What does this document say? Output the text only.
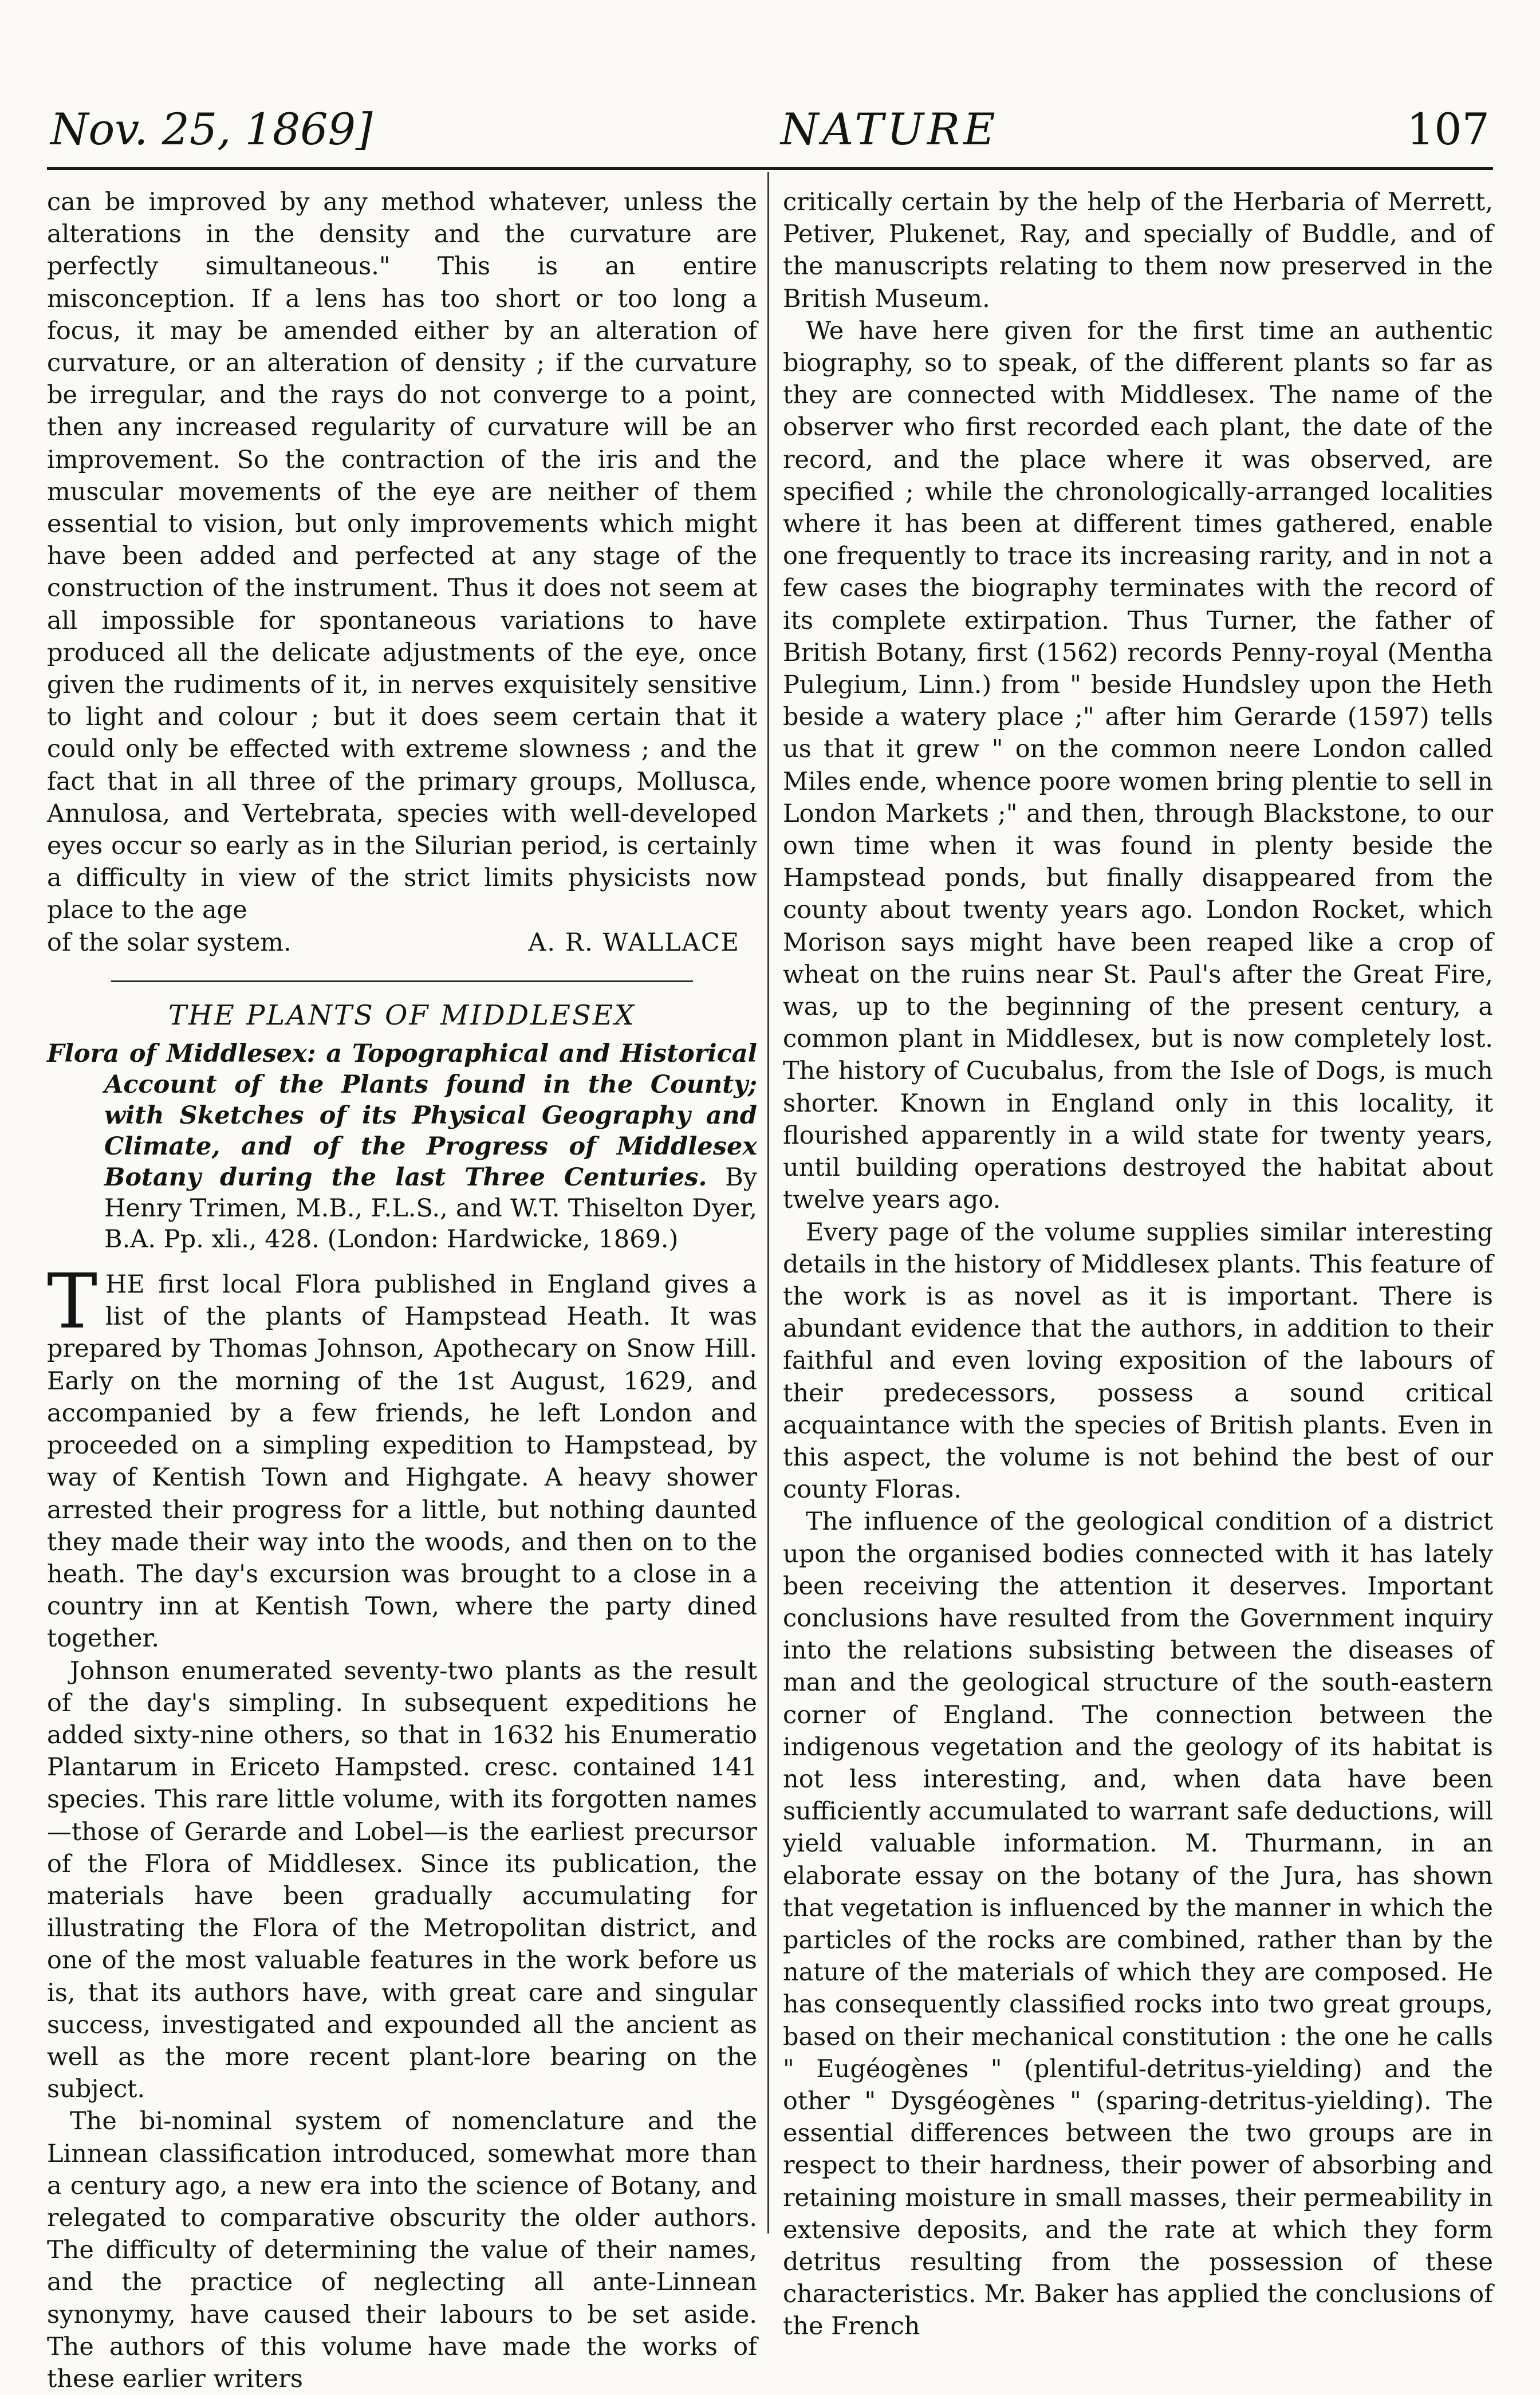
Nov. 25, 1869]	NATURE	107

can be improved by any method whatever, unless the alterations in the density and the curvature are perfectly simultaneous." This is an entire misconception. If a lens has too short or too long a focus, it may be amended either by an alteration of curvature, or an alteration of density ; if the curvature be irregular, and the rays do not converge to a point, then any increased regularity of curvature will be an improvement. So the contraction of the iris and the muscular movements of the eye are neither of them essential to vision, but only improvements which might have been added and perfected at any stage of the construction of the instrument. Thus it does not seem at all impossible for spontaneous variations to have produced all the delicate adjustments of the eye, once given the rudiments of it, in nerves exquisitely sensitive to light and colour ; but it does seem certain that it could only be effected with extreme slowness ; and the fact that in all three of the primary groups, Mollusca, Annulosa, and Vertebrata, species with well-developed eyes occur so early as in the Silurian period, is certainly a difficulty in view of the strict limits physicists now place to the age

of the solar system.	A. R. WALLACE

THE PLANTS OF MIDDLESEX
Flora of Middlesex: a Topographical and Historical Account of the Plants found in the County; with Sketches of its Physical Geography and Climate, and of the Progress of Middlesex Botany during the last Three Centuries. By Henry Trimen, M.B., F.L.S., and W.T. Thiselton Dyer, B.A. Pp. xli., 428. (London: Hardwicke, 1869.)

THE first local Flora published in England gives a list of the plants of Hampstead Heath. It was prepared by Thomas Johnson, Apothecary on Snow Hill. Early on the morning of the 1st August, 1629, and accompanied by a few friends, he left London and proceeded on a simpling expedition to Hampstead, by way of Kentish Town and Highgate. A heavy shower arrested their progress for a little, but nothing daunted they made their way into the woods, and then on to the heath. The day's excursion was brought to a close in a country inn at Kentish Town, where the party dined together.

Johnson enumerated seventy-two plants as the result of the day's simpling. In subsequent expeditions he added sixty-nine others, so that in 1632 his Enumeratio Plantarum in Ericeto Hampsted. cresc. contained 141 species. This rare little volume, with its forgotten names—those of Gerarde and Lobel—is the earliest precursor of the Flora of Middlesex. Since its publication, the materials have been gradually accumulating for illustrating the Flora of the Metropolitan district, and one of the most valuable features in the work before us is, that its authors have, with great care and singular success, investigated and expounded all the ancient as well as the more recent plant-lore bearing on the subject.

The bi-nominal system of nomenclature and the Linnean classification introduced, somewhat more than a century ago, a new era into the science of Botany, and relegated to comparative obscurity the older authors. The difficulty of determining the value of their names, and the practice of neglecting all ante-Linnean synonymy, have caused their labours to be set aside. The authors of this volume have made the works of these earlier writers

critically certain by the help of the Herbaria of Merrett, Petiver, Plukenet, Ray, and specially of Buddle, and of the manuscripts relating to them now preserved in the British Museum.

We have here given for the first time an authentic biography, so to speak, of the different plants so far as they are connected with Middlesex. The name of the observer who first recorded each plant, the date of the record, and the place where it was observed, are specified ; while the chronologically-arranged localities where it has been at different times gathered, enable one frequently to trace its increasing rarity, and in not a few cases the biography terminates with the record of its complete extirpation. Thus Turner, the father of British Botany, first (1562) records Penny-royal (Mentha Pulegium, Linn.) from " beside Hundsley upon the Heth beside a watery place ;" after him Gerarde (1597) tells us that it grew " on the common neere London called Miles ende, whence poore women bring plentie to sell in London Markets ;" and then, through Blackstone, to our own time when it was found in plenty beside the Hampstead ponds, but finally disappeared from the county about twenty years ago. London Rocket, which Morison says might have been reaped like a crop of wheat on the ruins near St. Paul's after the Great Fire, was, up to the beginning of the present century, a common plant in Middlesex, but is now completely lost. The history of Cucubalus, from the Isle of Dogs, is much shorter. Known in England only in this locality, it flourished apparently in a wild state for twenty years, until building operations destroyed the habitat about twelve years ago.

Every page of the volume supplies similar interesting details in the history of Middlesex plants. This feature of the work is as novel as it is important. There is abundant evidence that the authors, in addition to their faithful and even loving exposition of the labours of their predecessors, possess a sound critical acquaintance with the species of British plants. Even in this aspect, the volume is not behind the best of our county Floras.

The influence of the geological condition of a district upon the organised bodies connected with it has lately been receiving the attention it deserves. Important conclusions have resulted from the Government inquiry into the relations subsisting between the diseases of man and the geological structure of the south-eastern corner of England. The connection between the indigenous vegetation and the geology of its habitat is not less interesting, and, when data have been sufficiently accumulated to warrant safe deductions, will yield valuable information. M. Thurmann, in an elaborate essay on the botany of the Jura, has shown that vegetation is influenced by the manner in which the particles of the rocks are combined, rather than by the nature of the materials of which they are composed. He has consequently classified rocks into two great groups, based on their mechanical constitution : the one he calls " Eugéogènes " (plentiful-detritus-yielding) and the other " Dysgéogènes " (sparing-detritus-yielding). The essential differences between the two groups are in respect to their hardness, their power of absorbing and retaining moisture in small masses, their permeability in extensive deposits, and the rate at which they form detritus resulting from the possession of these characteristics. Mr. Baker has applied the conclusions of the French
